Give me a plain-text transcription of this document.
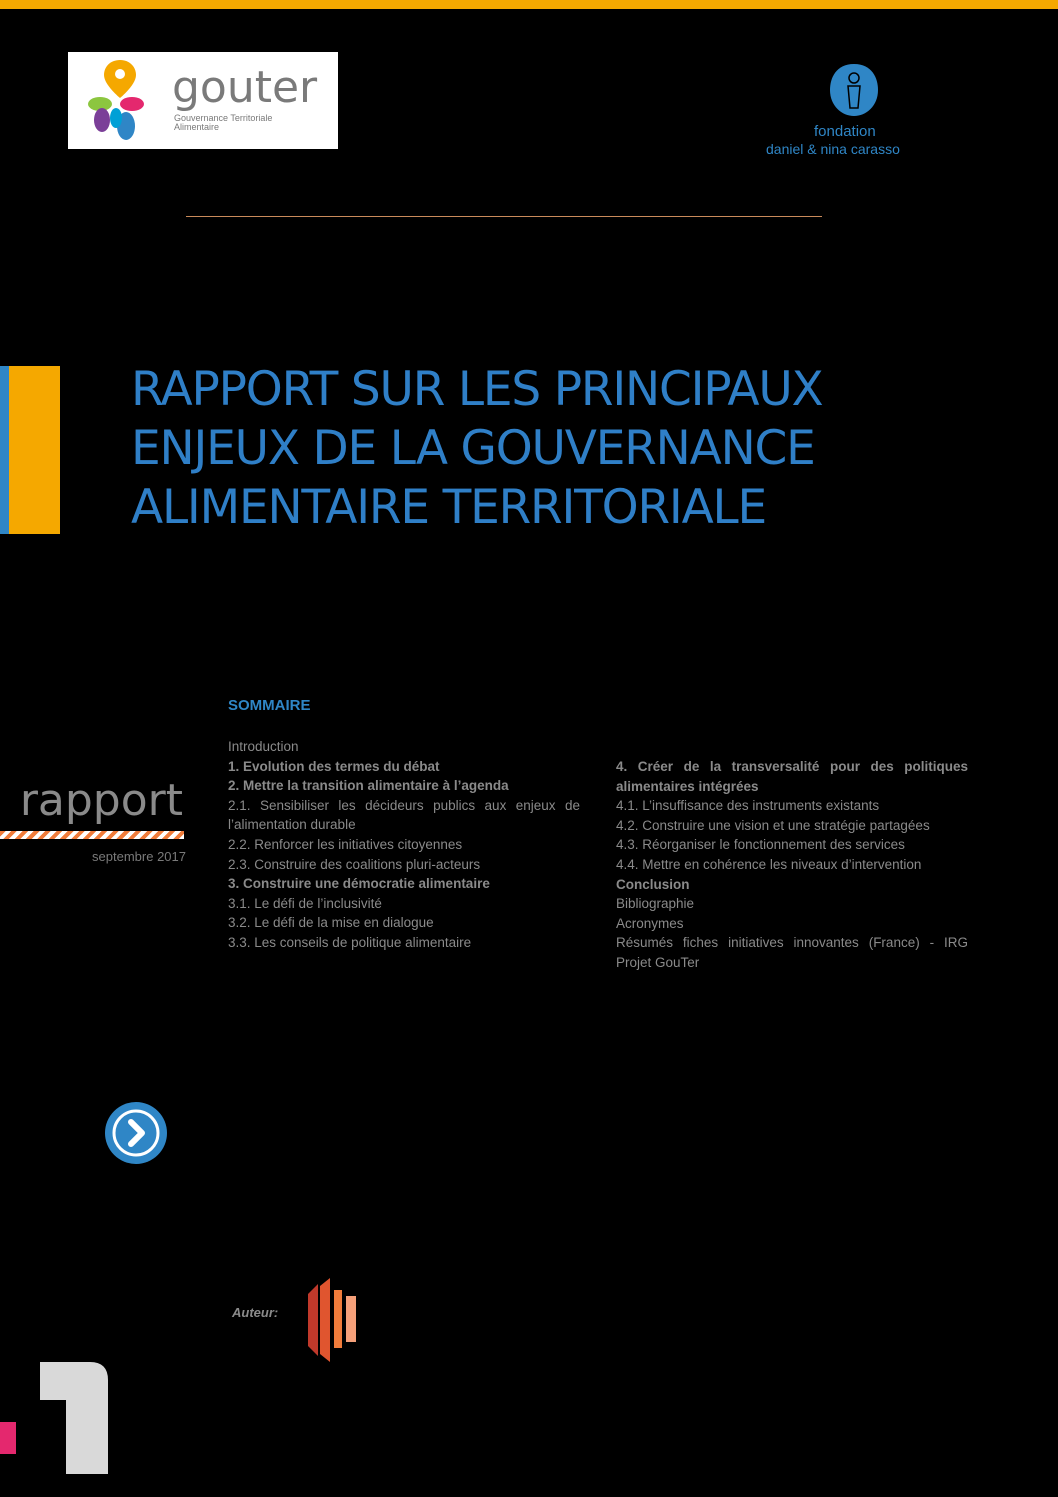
gouter
Gouvernance Territoriale
Alimentaire	fondation
daniel & nina carasso
RAPPORT SUR LES PRINCIPAUX
ENJEUX DE LA GOUVERNANCE
ALIMENTAIRE TERRITORIALE
rapport
septembre 2017
SOMMAIRE
Introduction
1. Evolution des termes du débat
2. Mettre la transition alimentaire à l’agenda
2.1. Sensibiliser les décideurs publics aux enjeux de l’alimentation durable
2.2. Renforcer les initiatives citoyennes
2.3. Construire des coalitions pluri-acteurs
3. Construire une démocratie alimentaire
3.1. Le défi de l’inclusivité
3.2. Le défi de la mise en dialogue
3.3. Les conseils de politique alimentaire
4. Créer de la transversalité pour des politiques alimentaires intégrées
4.1. L’insuffisance des instruments existants
4.2. Construire une vision et une stratégie partagées
4.3. Réorganiser le fonctionnement des services
4.4. Mettre en cohérence les niveaux d’intervention
Conclusion
Bibliographie
Acronymes
Résumés fiches initiatives innovantes (France) - IRG Projet GouTer
Auteur:
